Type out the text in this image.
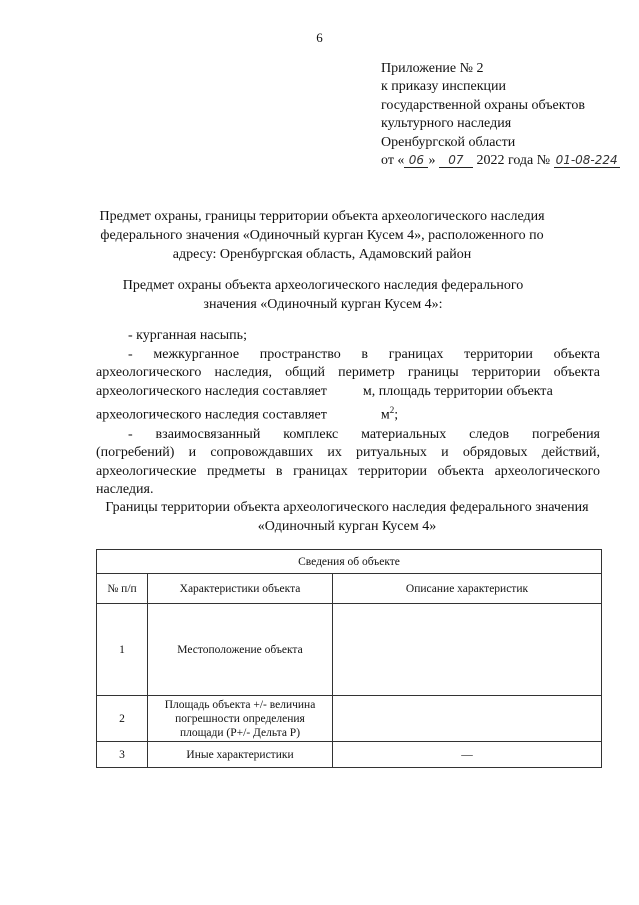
6
Приложение № 2
к приказу инспекции
государственной охраны объектов
культурного наследия
Оренбургской области
от « 06 » 07 2022 года № 01-08-224
Предмет охраны, границы территории объекта археологического наследия федерального значения «Одиночный курган Кусем 4», расположенного по адресу: Оренбургская область, Адамовский район
Предмет охраны объекта археологического наследия федерального значения «Одиночный курган Кусем 4»:

- курганная насыпь;

- межкурганное пространство в границах территории объекта

археологического наследия, общий периметр границы территории объекта

археологического наследия составляет	м, площадь территории объекта

археологического наследия составляет	$м^2$;

- взаимосвязанный комплекс материальных следов погребения

(погребений) и сопровождавших их ритуальных и обрядовых действий, археологические предметы в границах территории объекта археологического наследия.

Границы территории объекта археологического наследия федерального значения «Одиночный курган Кусем 4»
Сведения об объекте		
№ п/п	Характеристики объекта	Описание характеристик
1	Местоположение объекта	
2	Площадь объекта +/- величина погрешности определения площади (Р+/- Дельта Р)	
3	Иные характеристики	—
